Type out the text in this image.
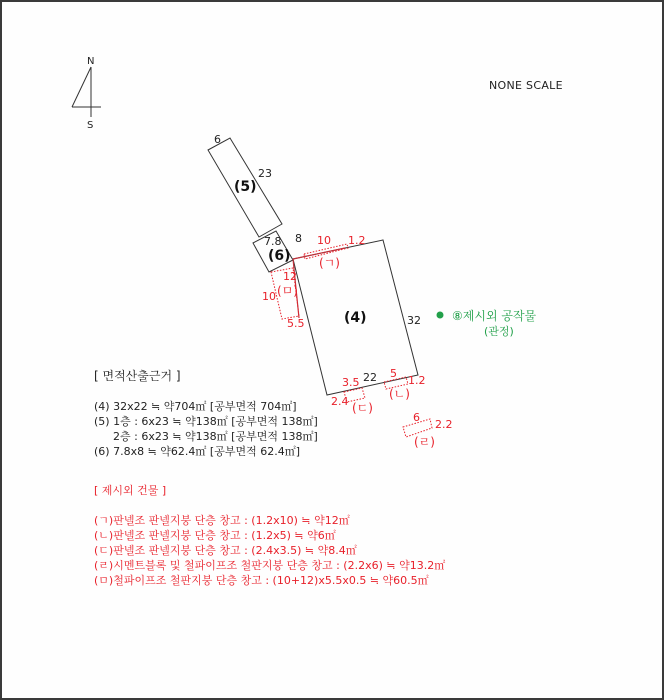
N
S
NONE SCALE
6
23
(5)
7.8 8
(6)
(4)	32
22
10 1.2
(ㄱ)
12
10 (ㅁ)
5.5
5
1.2
(ㄴ)
3.5
2.4 (ㄷ)
6
2.2
(ㄹ)
⑧제시외 공작물
(관정)
[ 면적산출근거 ]
(4) 32x22 ≒ 약704㎡ [공부면적 704㎡]
(5) 1층 : 6x23 ≒ 약138㎡ [공부면적 138㎡]
2층 : 6x23 ≒ 약138㎡ [공부면적 138㎡]
(6) 7.8x8 ≒ 약62.4㎡ [공부면적 62.4㎡]
[ 제시외 건물 ]
(ㄱ)판넬조 판넬지붕 단층 창고 : (1.2x10) ≒ 약12㎡
(ㄴ)판넬조 판넬지붕 단층 창고 : (1.2x5) ≒ 약6㎡
(ㄷ)판넬조 판넬지붕 단층 창고 : (2.4x3.5) ≒ 약8.4㎡
(ㄹ)시멘트블록 및 철파이프조 철판지붕 단층 창고 : (2.2x6) ≒ 약13.2㎡
(ㅁ)철파이프조 철판지붕 단층 창고 : (10+12)x5.5x0.5 ≒ 약60.5㎡
